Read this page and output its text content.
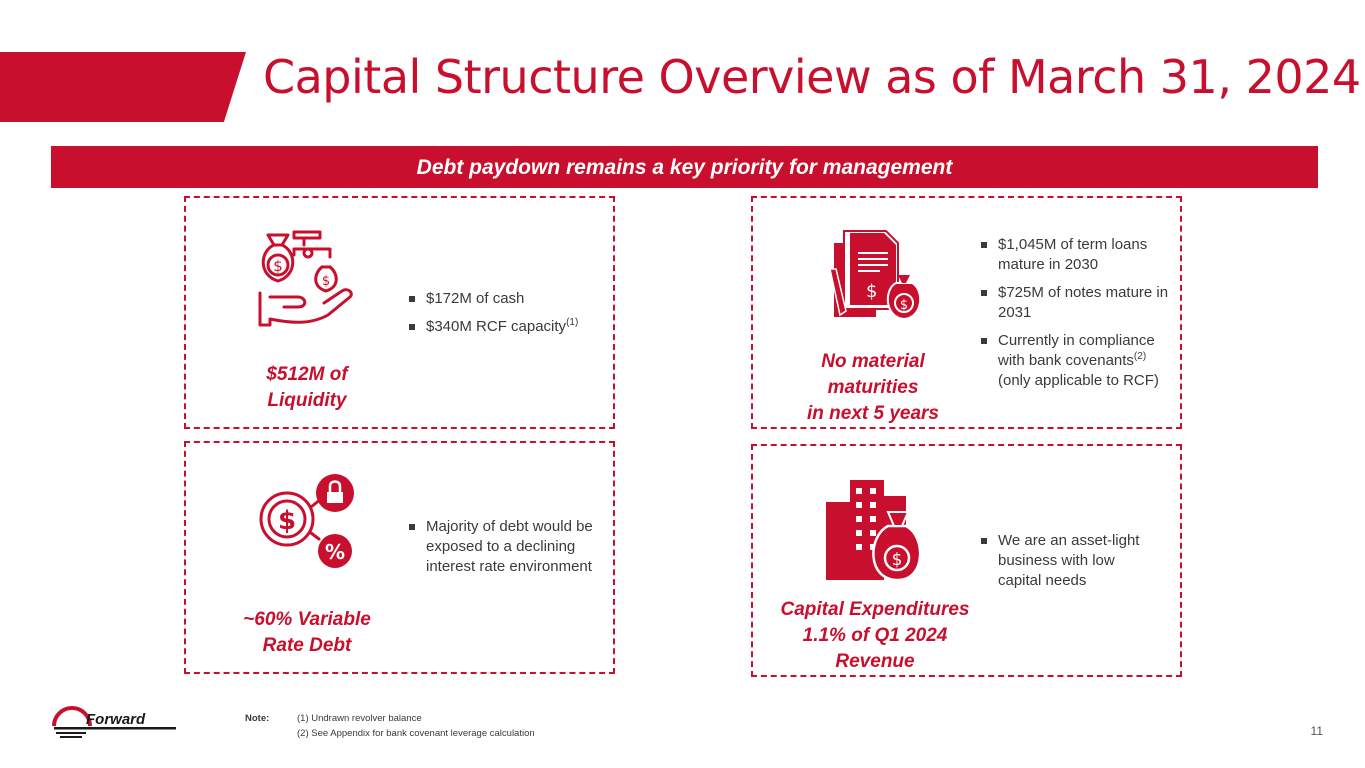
Capital Structure Overview as of March 31, 2024
Debt paydown remains a key priority for management
$
$
$512M of
Liquidity
$172M of cash
$340M RCF capacity$^{(1)}$
$
$
No material
maturities
in next 5 years
$1,045M of term loans mature in 2030
$725M of notes mature in 2031
Currently in compliance with bank covenants$^{(2)}$ (only applicable to RCF)
$
%
~60% Variable
Rate Debt
Majority of debt would be exposed to a declining interest rate environment	$
Capital Expenditures
1.1% of Q1 2024
Revenue
We are an asset-light business with low capital needs
Forward	Note:	(1) Undrawn revolver balance
(2) See Appendix for bank covenant leverage calculation	11
